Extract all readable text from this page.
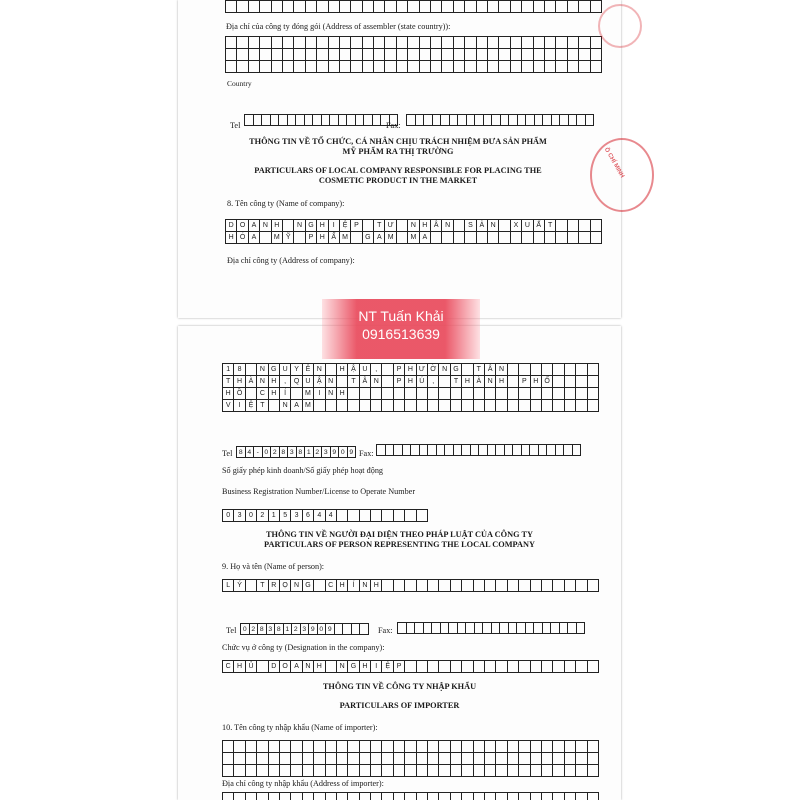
Địa chỉ của công ty đóng gói (Address of assembler (state country)):

Country
Tel
																		Fax:

THÔNG TIN VỀ TỔ CHỨC, CÁ NHÂN CHỊU TRÁCH NHIỆM ĐƯA SẢN PHẨM
MỸ PHẨM RA THỊ TRƯỜNG
PARTICULARS OF LOCAL COMPANY RESPONSIBLE FOR PLACING THE
COSMETIC PRODUCT IN THE MARKET
8. Tên công ty (Name of company):
D	O	A	N	H		N	G	H	I	Ệ	P		T	Ư		N	H	Â	N		S	Ả	N		X	U	Ấ	T				
H	Ó	A		M	Ỹ		P	H	Ẩ	M		G	A	M		M	A															
Địa chỉ công ty (Address of company):
1	8		N	G	U	Y	Ê	N		H	Ậ	U	,		P	H	Ư	Ờ	N	G		T	Â	N								
T	H	À	N	H	,	Q	U	Ậ	N		T	Â	N		P	H	Ú	,		T	H	À	N	H		P	H	Ố				
H	Ồ		C	H	Í		M	I	N	H																						
V	I	Ệ	T		N	A	M																									
Tel 8	4	-	0	2	8	3	8	1	2	3	9	0	9 Fax:

Số giấy phép kinh doanh/Số giấy phép hoạt động
Business Registration Number/License to Operate Number
0	3	0	2	1	5	3	6	4	4								
THÔNG TIN VỀ NGƯỜI ĐẠI DIỆN THEO PHÁP LUẬT CỦA CÔNG TY
PARTICULARS OF PERSON REPRESENTING THE LOCAL COMPANY
9. Họ và tên (Name of person):
L	Ý		T	R	Ọ	N	G		C	H	Í	N	H																			
Tel 0	2	8	3	8	1	2	3	9	0	9					Fax:

Chức vụ ở công ty (Designation in the company):
C	H	Ủ		D	O	A	N	H		N	G	H	I	Ệ	P																	
THÔNG TIN VỀ CÔNG TY NHẬP KHẨU
PARTICULARS OF IMPORTER
10. Tên công ty nhập khẩu (Name of importer):

Địa chỉ công ty nhập khẩu (Address of importer):

Ồ CHÍ MINH
NT Tuấn Khải
0916513639
